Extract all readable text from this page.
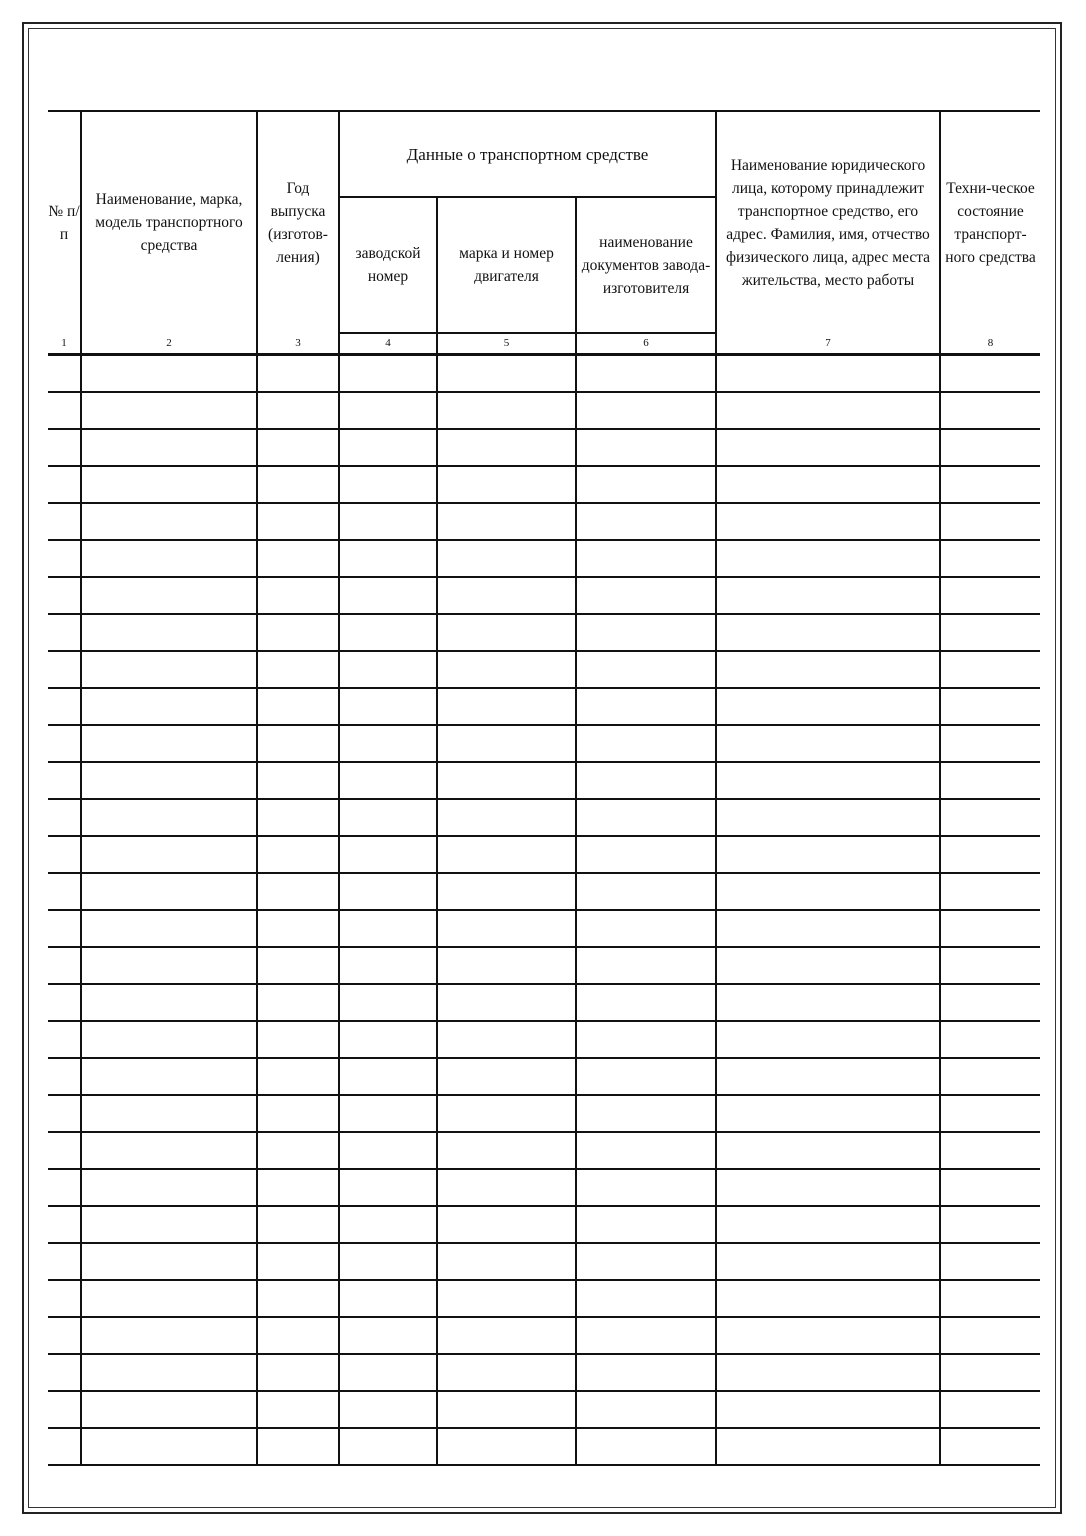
№ п/п	Наименование, марка, модель транспортного средства	Год выпуска (изготов-ления)	Данные о транспортном средстве			Наименование юридического лица, которому принадлежит транспортное средство, его адрес. Фамилия, имя, отчество физического лица, адрес места жительства, место работы	Техни-ческое состояние транспорт-ного средства
			заводской номер	марка и номер двигателя	наименование документов завода-изготовителя		
1	2	3	4	5	6	7	8
